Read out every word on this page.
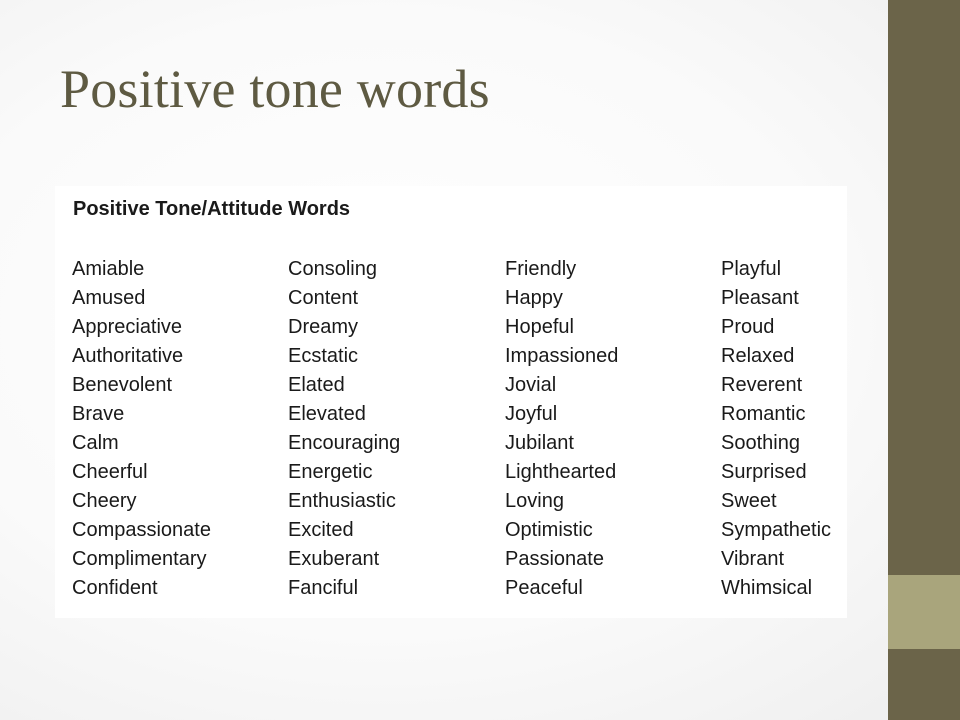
Positive tone words
Positive Tone/Attitude Words
Amiable
Amused
Appreciative
Authoritative
Benevolent
Brave
Calm
Cheerful
Cheery
Compassionate
Complimentary
Confident
Consoling
Content
Dreamy
Ecstatic
Elated
Elevated
Encouraging
Energetic
Enthusiastic
Excited
Exuberant
Fanciful
Friendly
Happy
Hopeful
Impassioned
Jovial
Joyful
Jubilant
Lighthearted
Loving
Optimistic
Passionate
Peaceful
Playful
Pleasant
Proud
Relaxed
Reverent
Romantic
Soothing
Surprised
Sweet
Sympathetic
Vibrant
Whimsical
